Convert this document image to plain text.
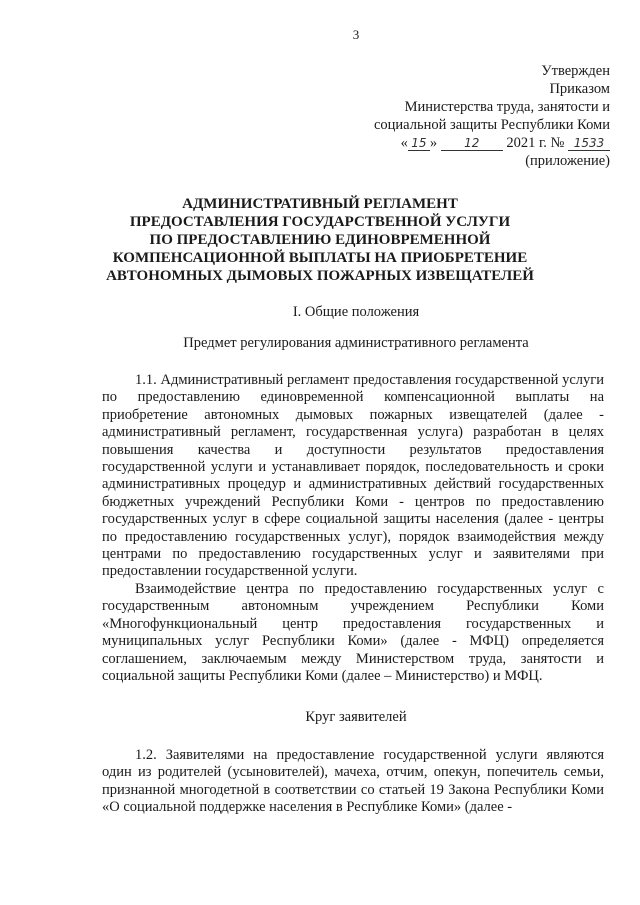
3
Утвержден
Приказом
Министерства труда, занятости и
социальной защиты Республики Коми
« 15 » 12 2021 г. № 1533
(приложение)
АДМИНИСТРАТИВНЫЙ РЕГЛАМЕНТ
ПРЕДОСТАВЛЕНИЯ ГОСУДАРСТВЕННОЙ УСЛУГИ
ПО ПРЕДОСТАВЛЕНИЮ ЕДИНОВРЕМЕННОЙ
КОМПЕНСАЦИОННОЙ ВЫПЛАТЫ НА ПРИОБРЕТЕНИЕ
АВТОНОМНЫХ ДЫМОВЫХ ПОЖАРНЫХ ИЗВЕЩАТЕЛЕЙ
I. Общие положения
Предмет регулирования административного регламента

1.1. Административный регламент предоставления государственной услуги по предоставлению единовременной компенсационной выплаты на приобретение автономных дымовых пожарных извещателей (далее - административный регламент, государственная услуга) разработан в целях повышения качества и доступности результатов предоставления государственной услуги и устанавливает порядок, последовательность и сроки административных процедур и административных действий государственных бюджетных учреждений Республики Коми - центров по предоставлению государственных услуг в сфере социальной защиты населения (далее - центры по предоставлению государственных услуг), порядок взаимодействия между центрами по предоставлению государственных услуг и заявителями при предоставлении государственной услуги.

Взаимодействие центра по предоставлению государственных услуг с государственным автономным учреждением Республики Коми «Многофункциональный центр предоставления государственных и муниципальных услуг Республики Коми» (далее - МФЦ) определяется соглашением, заключаемым между Министерством труда, занятости и социальной защиты Республики Коми (далее – Министерство) и МФЦ.

Круг заявителей

1.2. Заявителями на предоставление государственной услуги являются один из родителей (усыновителей), мачеха, отчим, опекун, попечитель семьи, признанной многодетной в соответствии со статьей 19 Закона Республики Коми «О социальной поддержке населения в Республике Коми» (далее -
